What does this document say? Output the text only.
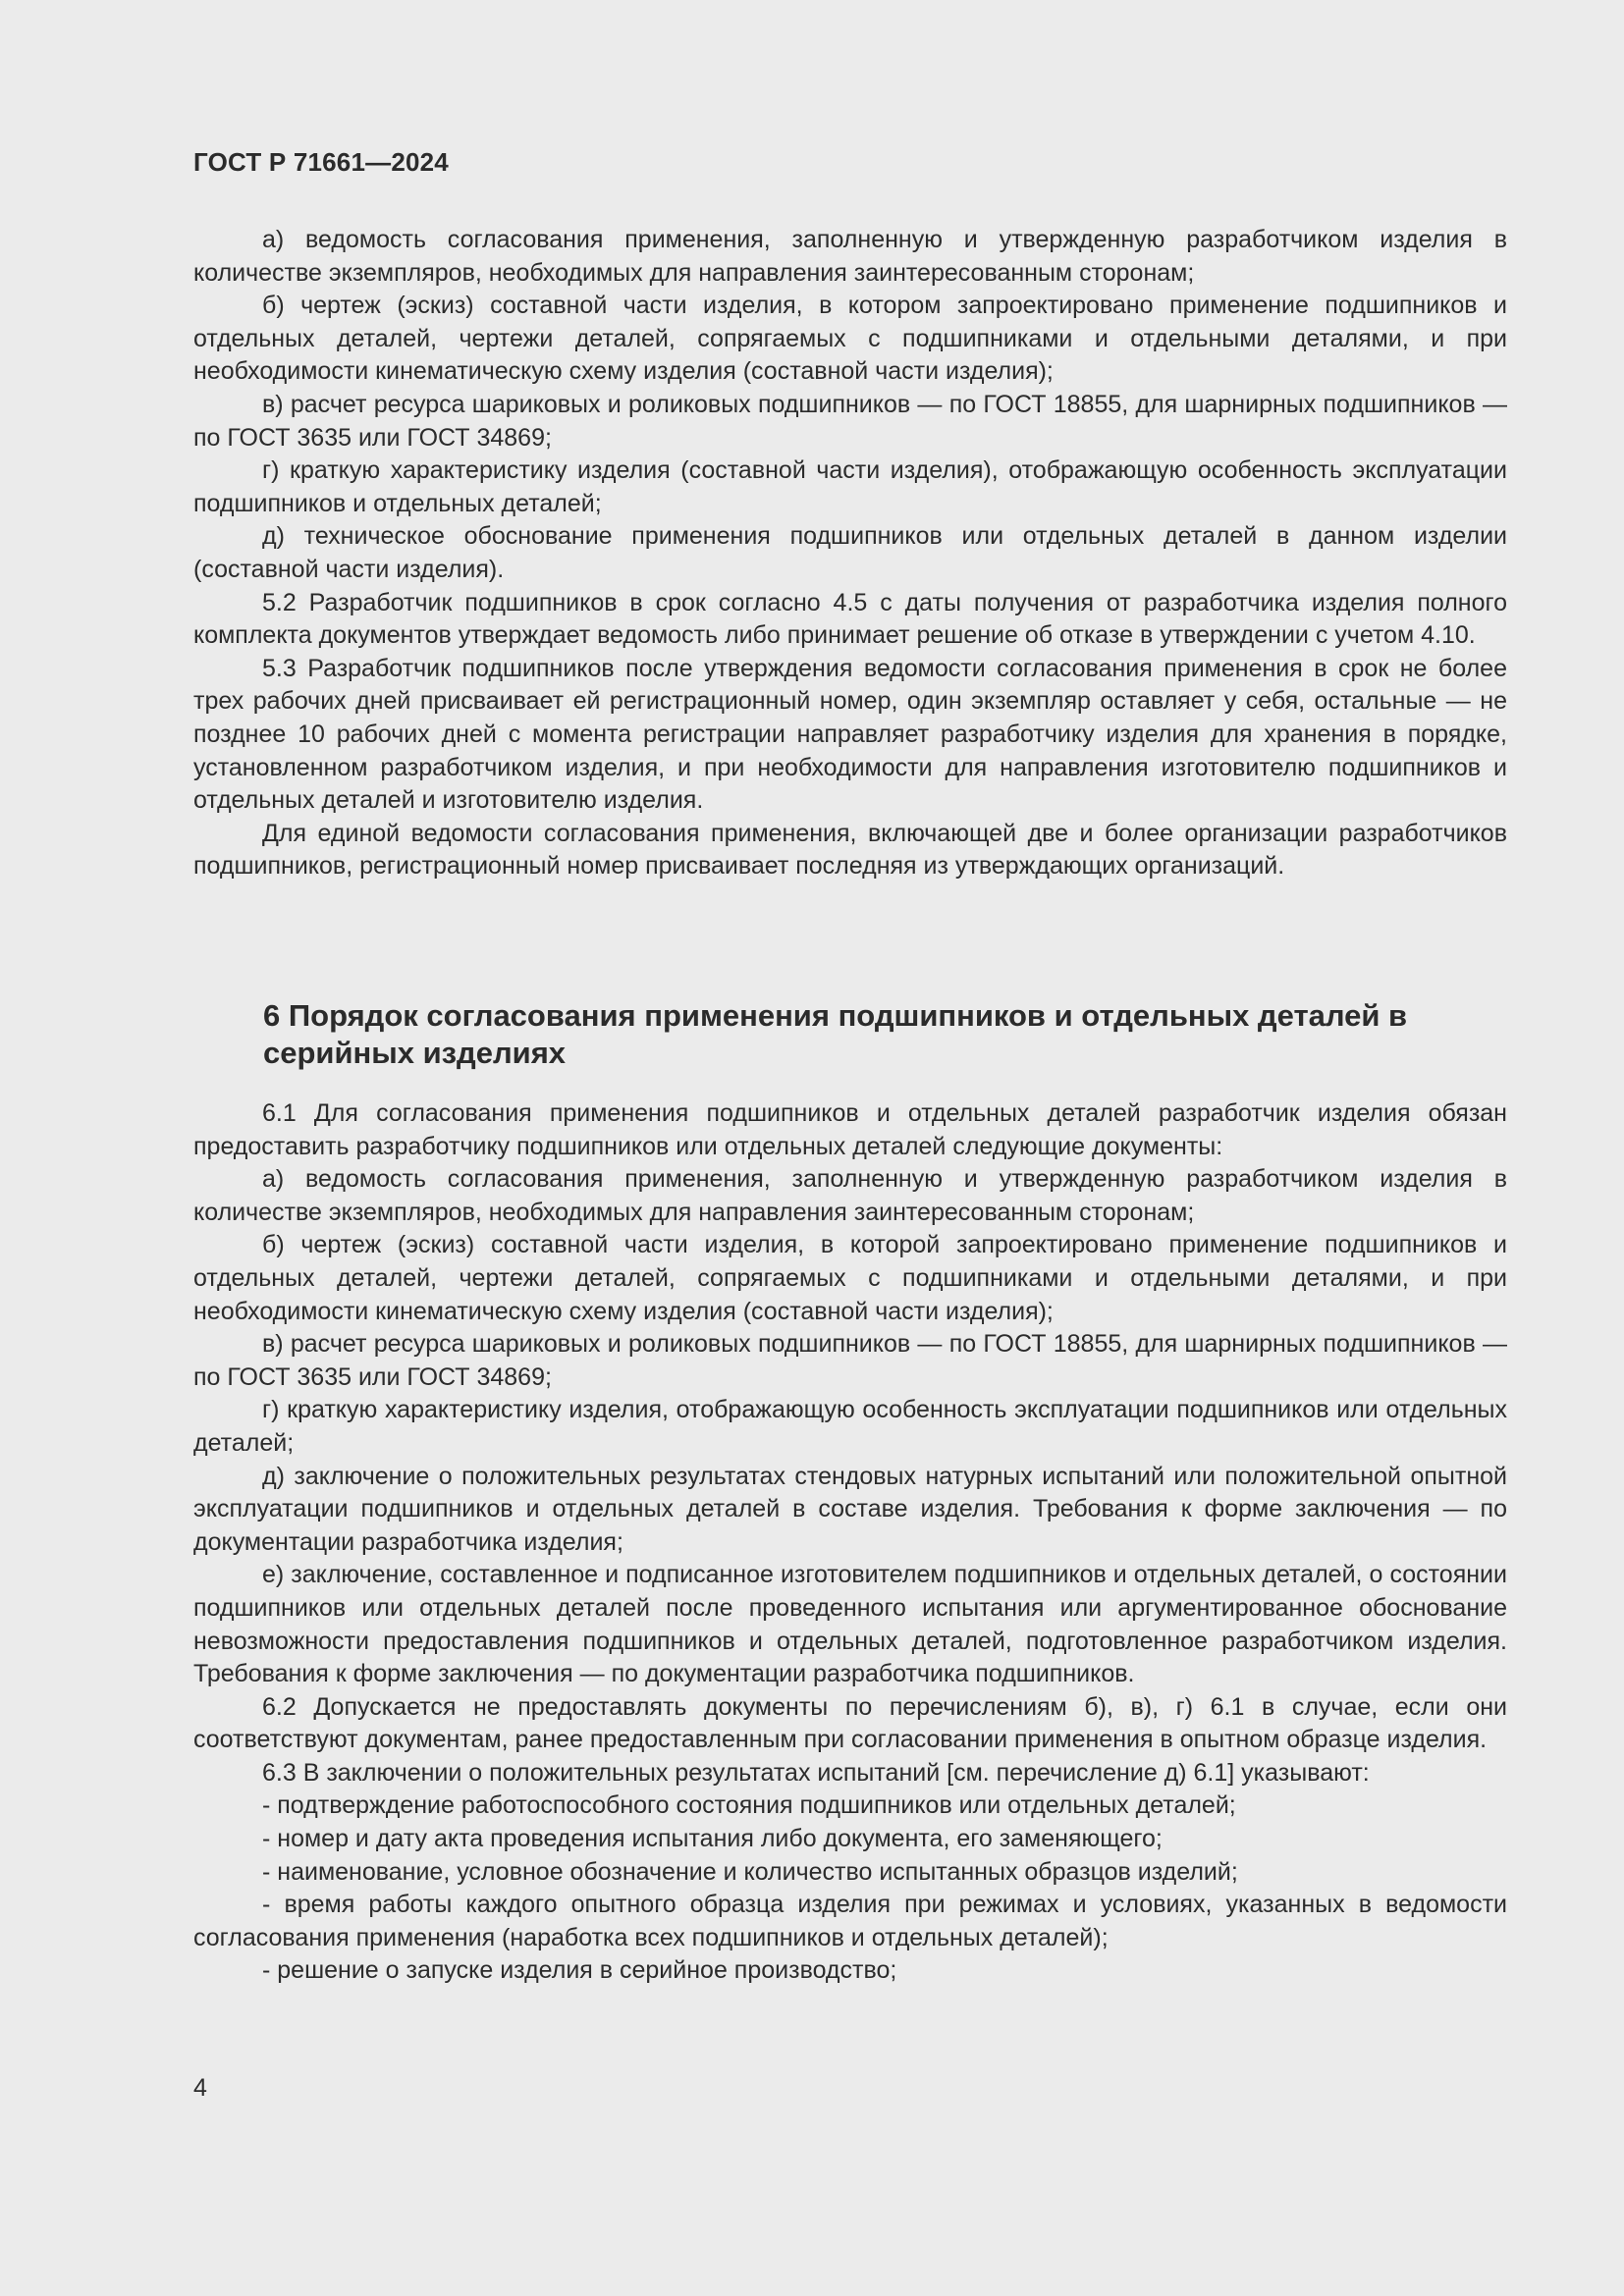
ГОСТ Р 71661—2024

а) ведомость согласования применения, заполненную и утвержденную разработчиком изделия в количестве экземпляров, необходимых для направления заинтересованным сторонам;

б) чертеж (эскиз) составной части изделия, в котором запроектировано применение подшипников и отдельных деталей, чертежи деталей, сопрягаемых с подшипниками и отдельными деталями, и при необходимости кинематическую схему изделия (составной части изделия);

в) расчет ресурса шариковых и роликовых подшипников — по ГОСТ 18855, для шарнирных подшипников — по ГОСТ 3635 или ГОСТ 34869;

г) краткую характеристику изделия (составной части изделия), отображающую особенность эксплуатации подшипников и отдельных деталей;

д) техническое обоснование применения подшипников или отдельных деталей в данном изделии (составной части изделия).

5.2 Разработчик подшипников в срок согласно 4.5 с даты получения от разработчика изделия полного комплекта документов утверждает ведомость либо принимает решение об отказе в утверждении с учетом 4.10.

5.3 Разработчик подшипников после утверждения ведомости согласования применения в срок не более трех рабочих дней присваивает ей регистрационный номер, один экземпляр оставляет у себя, остальные — не позднее 10 рабочих дней с момента регистрации направляет разработчику изделия для хранения в порядке, установленном разработчиком изделия, и при необходимости для направления изготовителю подшипников и отдельных деталей и изготовителю изделия.

Для единой ведомости согласования применения, включающей две и более организации разработчиков подшипников, регистрационный номер присваивает последняя из утверждающих организаций.

6 Порядок согласования применения подшипников и отдельных деталей в серийных изделиях

6.1 Для согласования применения подшипников и отдельных деталей разработчик изделия обязан предоставить разработчику подшипников или отдельных деталей следующие документы:

а) ведомость согласования применения, заполненную и утвержденную разработчиком изделия в количестве экземпляров, необходимых для направления заинтересованным сторонам;

б) чертеж (эскиз) составной части изделия, в которой запроектировано применение подшипников и отдельных деталей, чертежи деталей, сопрягаемых с подшипниками и отдельными деталями, и при необходимости кинематическую схему изделия (составной части изделия);

в) расчет ресурса шариковых и роликовых подшипников — по ГОСТ 18855, для шарнирных подшипников — по ГОСТ 3635 или ГОСТ 34869;

г) краткую характеристику изделия, отображающую особенность эксплуатации подшипников или отдельных деталей;

д) заключение о положительных результатах стендовых натурных испытаний или положительной опытной эксплуатации подшипников и отдельных деталей в составе изделия. Требования к форме заключения — по документации разработчика изделия;

е) заключение, составленное и подписанное изготовителем подшипников и отдельных деталей, о состоянии подшипников или отдельных деталей после проведенного испытания или аргументированное обоснование невозможности предоставления подшипников и отдельных деталей, подготовленное разработчиком изделия. Требования к форме заключения — по документации разработчика подшипников.

6.2 Допускается не предоставлять документы по перечислениям б), в), г) 6.1 в случае, если они соответствуют документам, ранее предоставленным при согласовании применения в опытном образце изделия.

6.3 В заключении о положительных результатах испытаний [см. перечисление д) 6.1] указывают:

- подтверждение работоспособного состояния подшипников или отдельных деталей;

- номер и дату акта проведения испытания либо документа, его заменяющего;

- наименование, условное обозначение и количество испытанных образцов изделий;

- время работы каждого опытного образца изделия при режимах и условиях, указанных в ведомости согласования применения (наработка всех подшипников и отдельных деталей);

- решение о запуске изделия в серийное производство;

4
